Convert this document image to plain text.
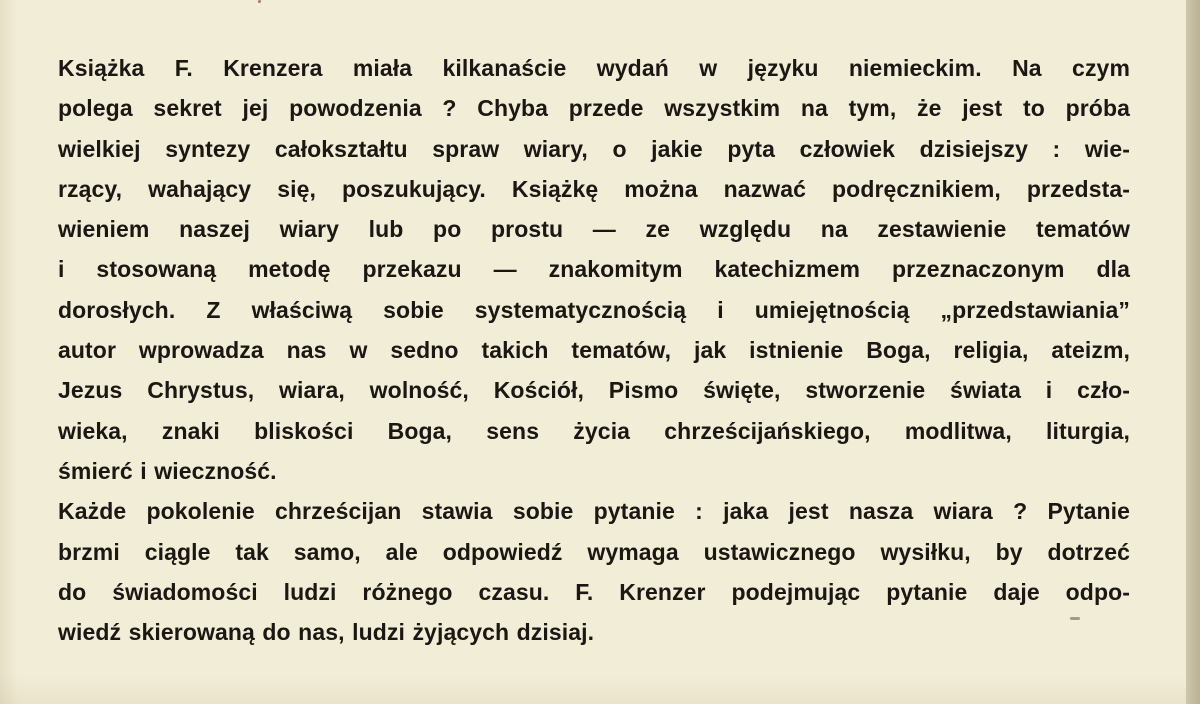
Książka F. Krenzera miała kilkanaście wydań w języku niemieckim. Na czym
polega sekret jej powodzenia ? Chyba przede wszystkim na tym, że jest to próba
wielkiej syntezy całokształtu spraw wiary, o jakie pyta człowiek dzisiejszy : wie-
rzący, wahający się, poszukujący. Książkę można nazwać podręcznikiem, przedsta-
wieniem naszej wiary lub po prostu — ze względu na zestawienie tematów
i stosowaną metodę przekazu — znakomitym katechizmem przeznaczonym dla
dorosłych. Z właściwą sobie systematycznością i umiejętnością „przedstawiania”
autor wprowadza nas w sedno takich tematów, jak istnienie Boga, religia, ateizm,
Jezus Chrystus, wiara, wolność, Kościół, Pismo święte, stworzenie świata i czło-
wieka, znaki bliskości Boga, sens życia chrześcijańskiego, modlitwa, liturgia,
śmierć i wieczność.
Każde pokolenie chrześcijan stawia sobie pytanie : jaka jest nasza wiara ? Pytanie
brzmi ciągle tak samo, ale odpowiedź wymaga ustawicznego wysiłku, by dotrzeć
do świadomości ludzi różnego czasu. F. Krenzer podejmując pytanie daje odpo-
wiedź skierowaną do nas, ludzi żyjących dzisiaj.
